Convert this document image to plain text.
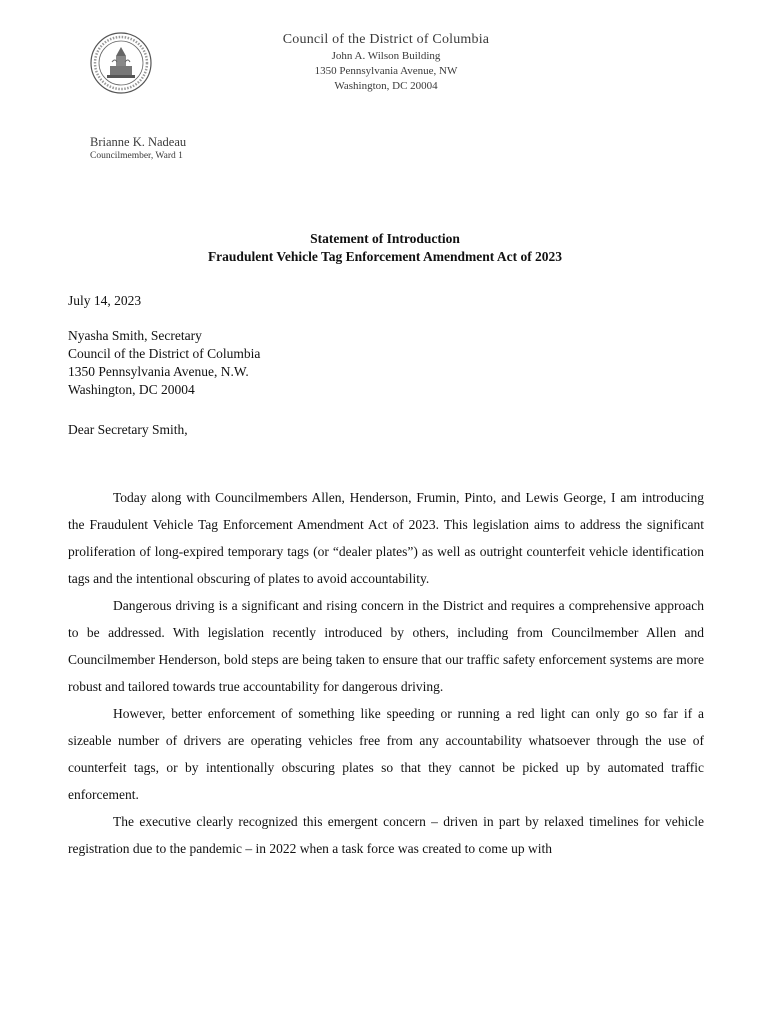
Council of the District of Columbia
John A. Wilson Building
1350 Pennsylvania Avenue, NW
Washington, DC 20004
Brianne K. Nadeau
Councilmember, Ward 1
Statement of Introduction
Fraudulent Vehicle Tag Enforcement Amendment Act of 2023
July 14, 2023
Nyasha Smith, Secretary
Council of the District of Columbia
1350 Pennsylvania Avenue, N.W.
Washington, DC 20004
Dear Secretary Smith,

Today along with Councilmembers Allen, Henderson, Frumin, Pinto, and Lewis George, I am introducing the Fraudulent Vehicle Tag Enforcement Amendment Act of 2023. This legislation aims to address the significant proliferation of long-expired temporary tags (or “dealer plates”) as well as outright counterfeit vehicle identification tags and the intentional obscuring of plates to avoid accountability.

Dangerous driving is a significant and rising concern in the District and requires a comprehensive approach to be addressed. With legislation recently introduced by others, including from Councilmember Allen and Councilmember Henderson, bold steps are being taken to ensure that our traffic safety enforcement systems are more robust and tailored towards true accountability for dangerous driving.

However, better enforcement of something like speeding or running a red light can only go so far if a sizeable number of drivers are operating vehicles free from any accountability whatsoever through the use of counterfeit tags, or by intentionally obscuring plates so that they cannot be picked up by automated traffic enforcement.

The executive clearly recognized this emergent concern – driven in part by relaxed timelines for vehicle registration due to the pandemic – in 2022 when a task force was created to come up with
